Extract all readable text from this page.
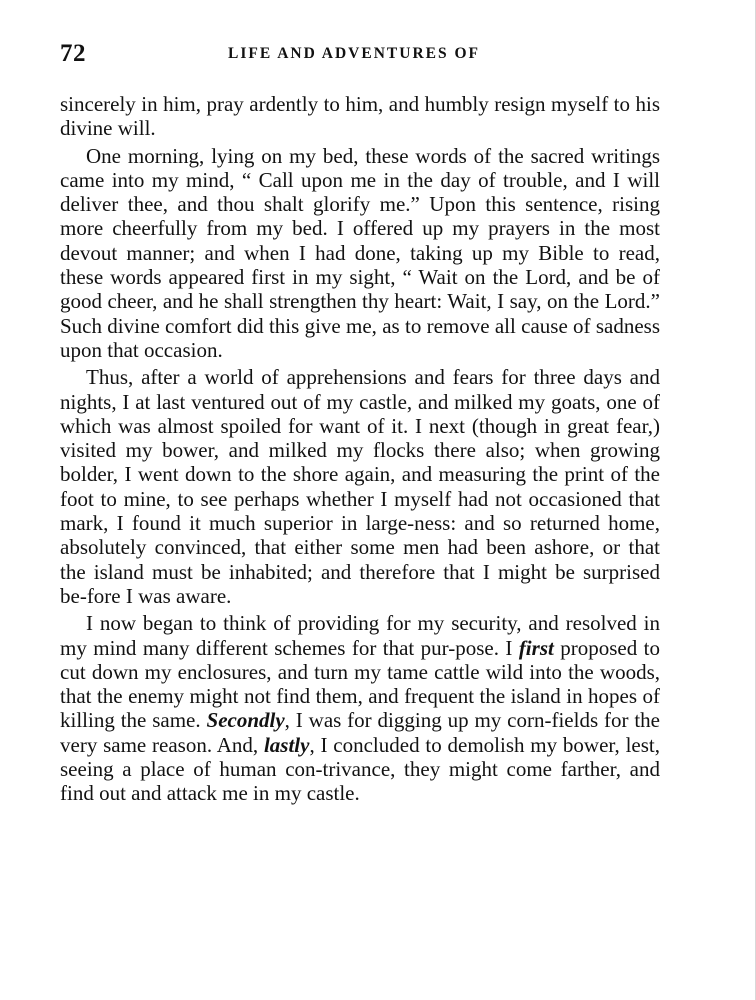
72	LIFE AND ADVENTURES OF

sincerely in him, pray ardently to him, and humbly resign myself to his divine will.

One morning, lying on my bed, these words of the sacred writings came into my mind, “ Call upon me in the day of trouble, and I will deliver thee, and thou shalt glorify me.” Upon this sentence, rising more cheerfully from my bed. I offered up my prayers in the most devout manner; and when I had done, taking up my Bible to read, these words appeared first in my sight, “ Wait on the Lord, and be of good cheer, and he shall strengthen thy heart: Wait, I say, on the Lord.” Such divine comfort did this give me, as to remove all cause of sadness upon that occasion.

Thus, after a world of apprehensions and fears for three days and nights, I at last ventured out of my castle, and milked my goats, one of which was almost spoiled for want of it. I next (though in great fear,) visited my bower, and milked my flocks there also; when growing bolder, I went down to the shore again, and measuring the print of the foot to mine, to see perhaps whether I myself had not occasioned that mark, I found it much superior in large-ness: and so returned home, absolutely convinced, that either some men had been ashore, or that the island must be inhabited; and therefore that I might be surprised be-fore I was aware.

I now began to think of providing for my security, and resolved in my mind many different schemes for that pur-pose. I first proposed to cut down my enclosures, and turn my tame cattle wild into the woods, that the enemy might not find them, and frequent the island in hopes of killing the same. Secondly, I was for digging up my corn-fields for the very same reason. And, lastly, I concluded to demolish my bower, lest, seeing a place of human con-trivance, they might come farther, and find out and attack me in my castle.
